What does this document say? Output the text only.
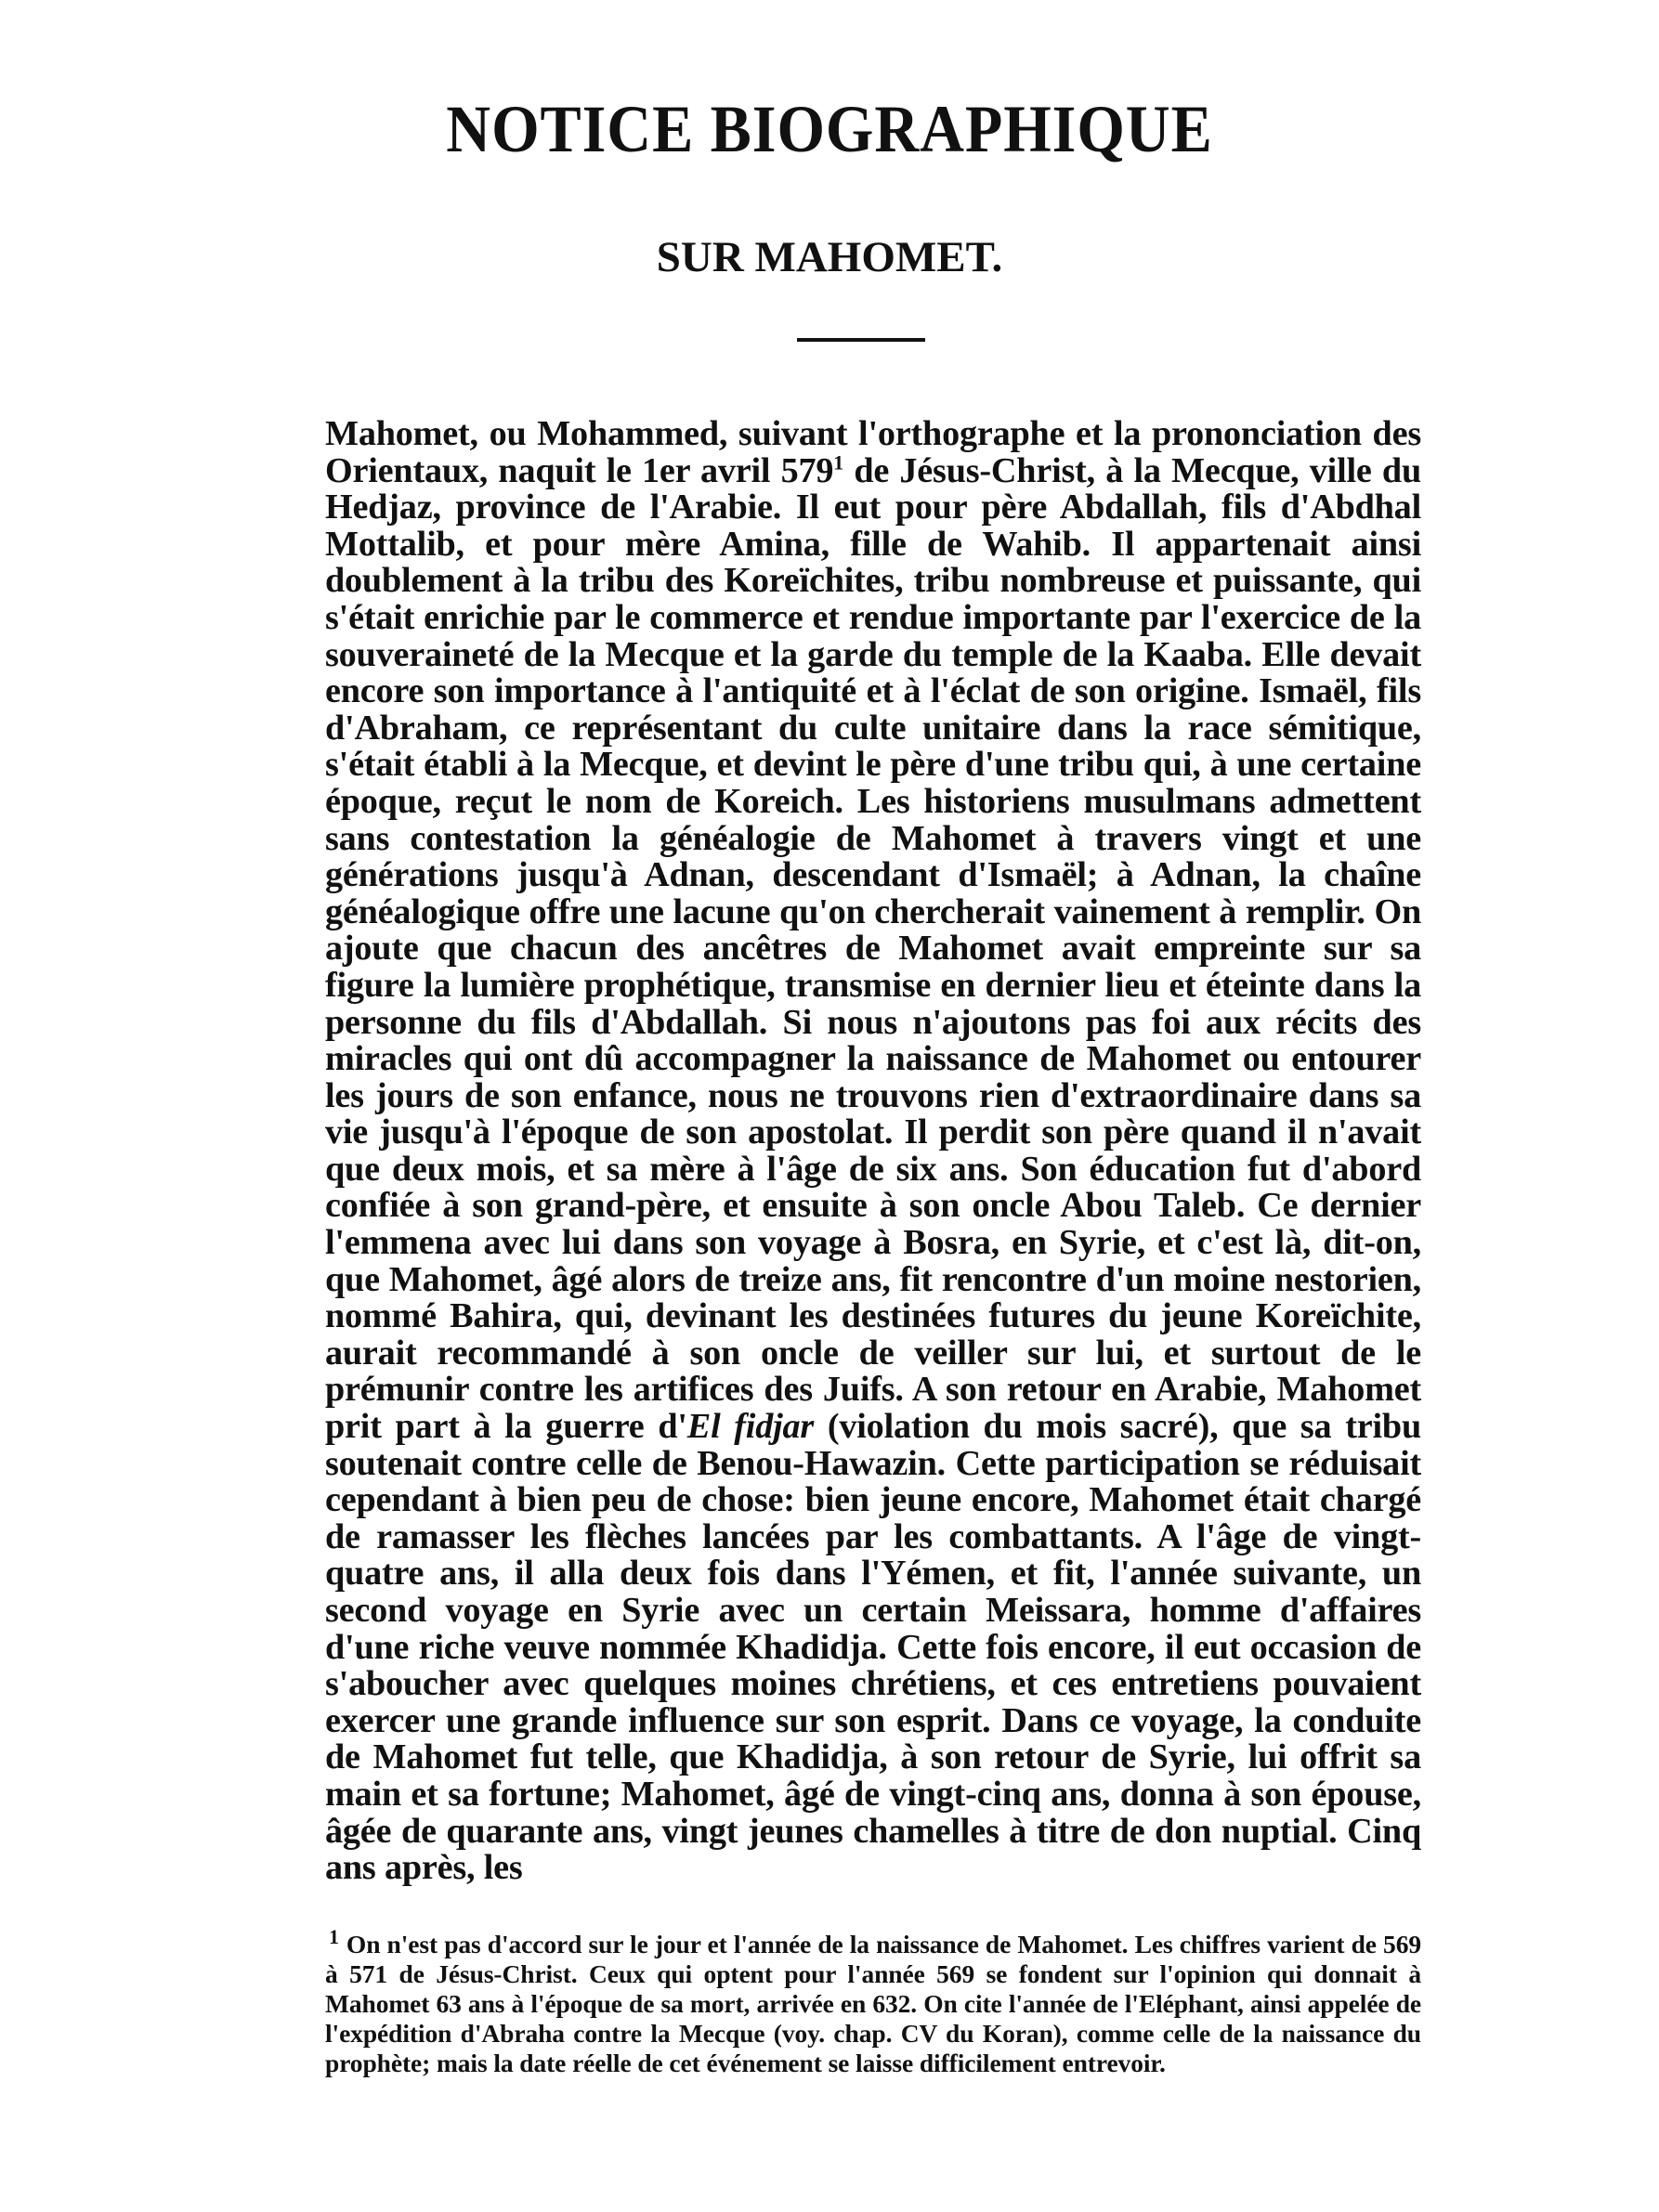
NOTICE BIOGRAPHIQUE
SUR MAHOMET.

Mahomet, ou Mohammed, suivant l'orthographe et la prononciation des Orientaux, naquit le 1er avril 579$^1$ de Jésus-Christ, à la Mecque, ville du Hedjaz, province de l'Arabie. Il eut pour père Abdallah, fils d'Abdhal Mottalib, et pour mère Amina, fille de Wahib. Il appartenait ainsi doublement à la tribu des Koreïchites, tribu nombreuse et puissante, qui s'était enrichie par le commerce et rendue importante par l'exercice de la souveraineté de la Mecque et la garde du temple de la Kaaba. Elle devait encore son importance à l'antiquité et à l'éclat de son origine. Ismaël, fils d'Abraham, ce représentant du culte unitaire dans la race sémitique, s'était établi à la Mecque, et devint le père d'une tribu qui, à une certaine époque, reçut le nom de Koreich. Les historiens musulmans admettent sans contestation la généalogie de Mahomet à travers vingt et une générations jusqu'à Adnan, descendant d'Ismaël; à Adnan, la chaîne généalogique offre une lacune qu'on chercherait vainement à remplir. On ajoute que chacun des ancêtres de Mahomet avait empreinte sur sa figure la lumière prophétique, transmise en dernier lieu et éteinte dans la personne du fils d'Abdallah. Si nous n'ajoutons pas foi aux récits des miracles qui ont dû accompagner la naissance de Mahomet ou entourer les jours de son enfance, nous ne trouvons rien d'extraordinaire dans sa vie jusqu'à l'époque de son apostolat. Il perdit son père quand il n'avait que deux mois, et sa mère à l'âge de six ans. Son éducation fut d'abord confiée à son grand-père, et ensuite à son oncle Abou Taleb. Ce dernier l'emmena avec lui dans son voyage à Bosra, en Syrie, et c'est là, dit-on, que Mahomet, âgé alors de treize ans, fit rencontre d'un moine nestorien, nommé Bahira, qui, devinant les destinées futures du jeune Koreïchite, aurait recommandé à son oncle de veiller sur lui, et surtout de le prémunir contre les artifices des Juifs. A son retour en Arabie, Mahomet prit part à la guerre d'El fidjar (violation du mois sacré), que sa tribu soutenait contre celle de Benou-Hawazin. Cette participation se réduisait cependant à bien peu de chose: bien jeune encore, Mahomet était chargé de ramasser les flèches lancées par les combattants. A l'âge de vingt-quatre ans, il alla deux fois dans l'Yémen, et fit, l'année suivante, un second voyage en Syrie avec un certain Meissara, homme d'affaires d'une riche veuve nommée Khadidja. Cette fois encore, il eut occasion de s'aboucher avec quelques moines chrétiens, et ces entretiens pouvaient exercer une grande influence sur son esprit. Dans ce voyage, la conduite de Mahomet fut telle, que Khadidja, à son retour de Syrie, lui offrit sa main et sa fortune; Mahomet, âgé de vingt-cinq ans, donna à son épouse, âgée de quarante ans, vingt jeunes chamelles à titre de don nuptial. Cinq ans après, les

1 On n'est pas d'accord sur le jour et l'année de la naissance de Mahomet. Les chiffres varient de 569 à 571 de Jésus-Christ. Ceux qui optent pour l'année 569 se fondent sur l'opinion qui donnait à Mahomet 63 ans à l'époque de sa mort, arrivée en 632. On cite l'année de l'Eléphant, ainsi appelée de l'expédition d'Abraha contre la Mecque (voy. chap. CV du Koran), comme celle de la naissance du prophète; mais la date réelle de cet événement se laisse difficilement entrevoir.
